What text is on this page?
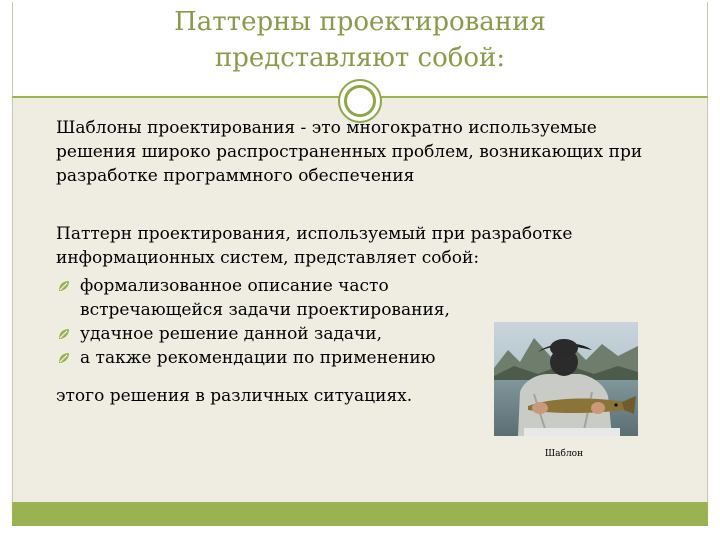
Паттерны проектирования
представляют собой:
Шаблоны проектирования - это многократно используемые решения широко распространенных проблем, возникающих при разработке программного обеспечения
Паттерн проектирования, используемый при разработке информационных систем, представляет собой:
формализованное описание часто встречающейся задачи проектирования,
удачное решение данной задачи,
а также рекомендации по применению
этого решения в различных ситуациях.
Шаблон
